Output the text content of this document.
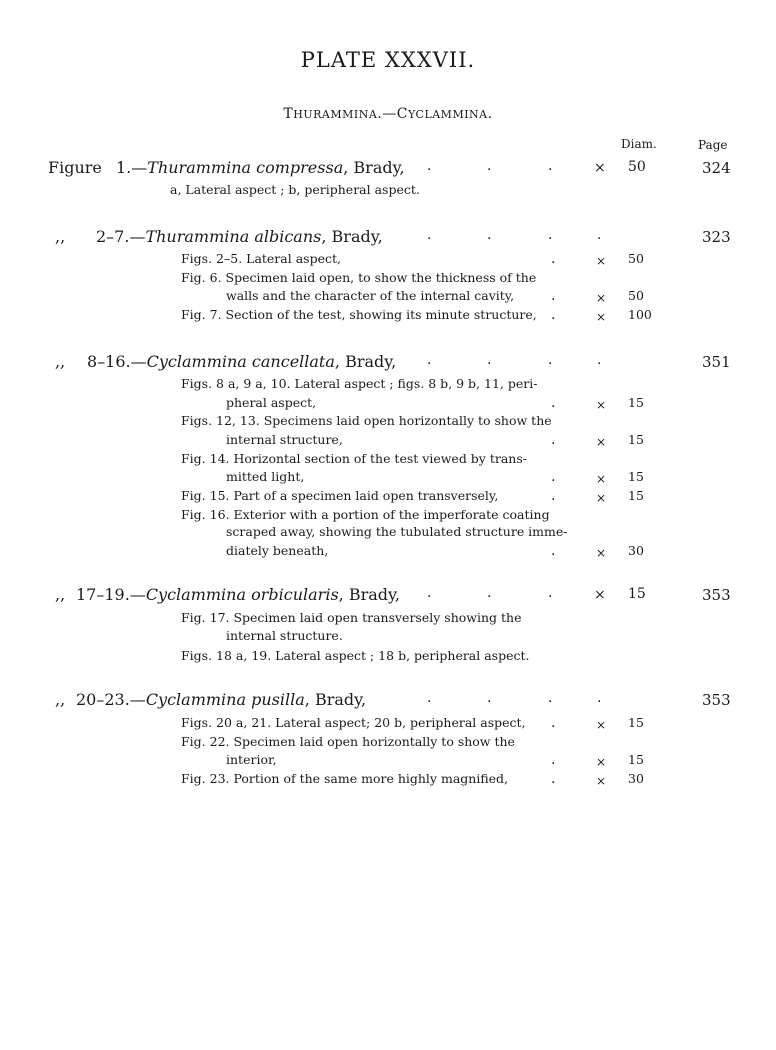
PLATE XXXVII.
THURAMMINA.—CYCLAMMINA.
Diam.	Page
Figure 1.—Thurammina compressa, Brady, .	.	.	× 50	324
a, Lateral aspect ; b, peripheral aspect.
,, 2–7.—Thurammina albicans, Brady,	.	.	.	.	323
Figs. 2–5. Lateral aspect,	.	× 50
Fig. 6. Specimen laid open, to show the thickness of the
walls and the character of the internal cavity,	.	× 50
Fig. 7. Section of the test, showing its minute structure, .	× 100
,, 8–16.—Cyclammina cancellata, Brady, .	.	.	.	351
Figs. 8 a, 9 a, 10. Lateral aspect ; figs. 8 b, 9 b, 11, peri-
pheral aspect,	.	× 15
Figs. 12, 13. Specimens laid open horizontally to show the
internal structure,	.	× 15
Fig. 14. Horizontal section of the test viewed by trans-
mitted light,	.	× 15
Fig. 15. Part of a specimen laid open transversely,	.	× 15
Fig. 16. Exterior with a portion of the imperforate coating
scraped away, showing the tubulated structure imme-
diately beneath,	.	× 30
,, 17–19.—Cyclammina orbicularis, Brady, .	.	.	× 15	353
Fig. 17. Specimen laid open transversely showing the
internal structure.
Figs. 18 a, 19. Lateral aspect ; 18 b, peripheral aspect.
,, 20–23.—Cyclammina pusilla, Brady,	.	.	.	.	353
Figs. 20 a, 21. Lateral aspect; 20 b, peripheral aspect, .	× 15
Fig. 22. Specimen laid open horizontally to show the
interior,	.	× 15
Fig. 23. Portion of the same more highly magnified,	.	× 30
